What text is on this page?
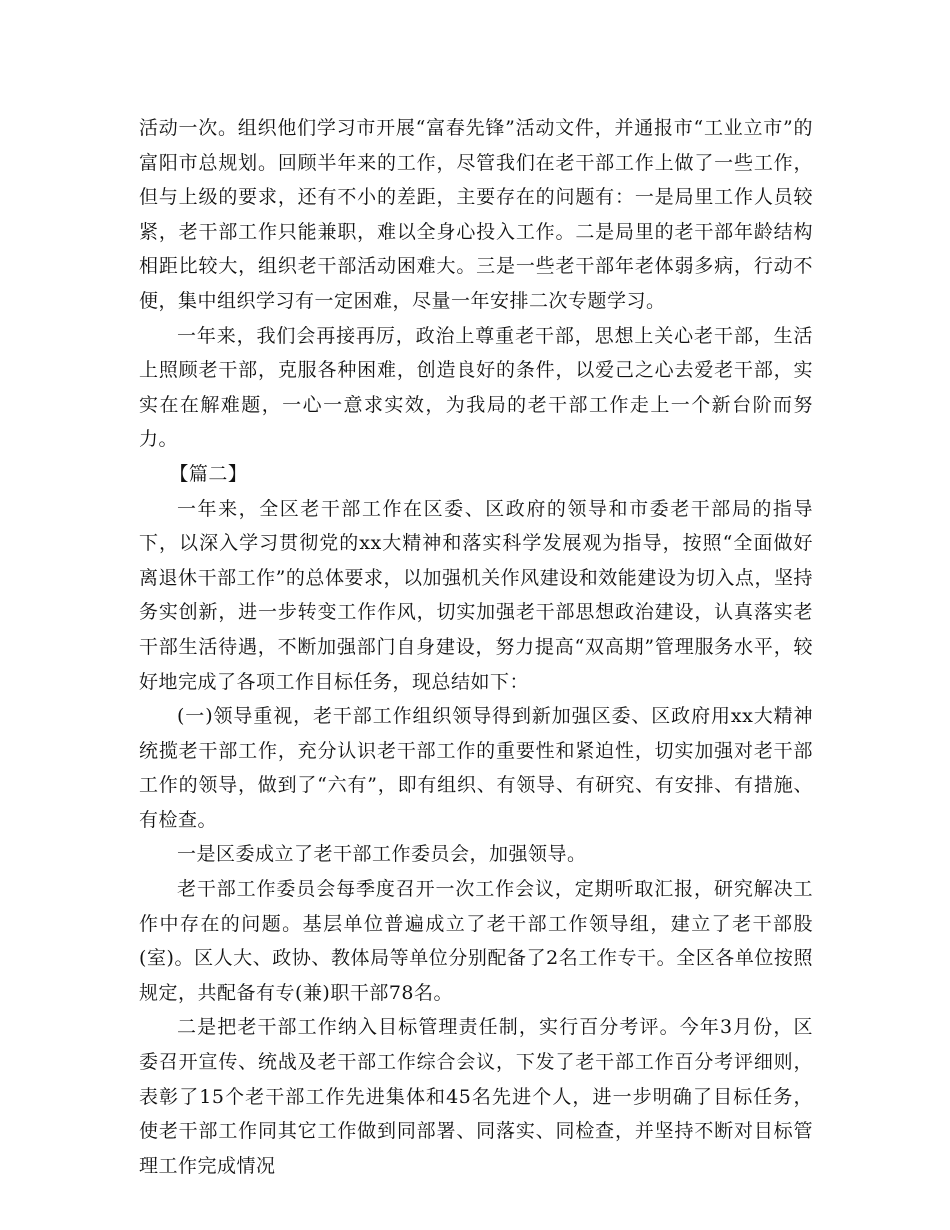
活动一次。组织他们学习市开展“富春先锋”活动文件，并通报市“工业立市”的富阳市总规划。回顾半年来的工作，尽管我们在老干部工作上做了一些工作，但与上级的要求，还有不小的差距，主要存在的问题有：一是局里工作人员较紧，老干部工作只能兼职，难以全身心投入工作。二是局里的老干部年龄结构相距比较大，组织老干部活动困难大。三是一些老干部年老体弱多病，行动不便，集中组织学习有一定困难，尽量一年安排二次专题学习。

一年来，我们会再接再厉，政治上尊重老干部，思想上关心老干部，生活上照顾老干部，克服各种困难，创造良好的条件，以爱己之心去爱老干部，实实在在解难题，一心一意求实效，为我局的老干部工作走上一个新台阶而努力。

【篇二】

一年来，全区老干部工作在区委、区政府的领导和市委老干部局的指导下，以深入学习贯彻党的xx大精神和落实科学发展观为指导，按照“全面做好离退休干部工作”的总体要求，以加强机关作风建设和效能建设为切入点，坚持务实创新，进一步转变工作作风，切实加强老干部思想政治建设，认真落实老干部生活待遇，不断加强部门自身建设，努力提高“双高期”管理服务水平，较好地完成了各项工作目标任务，现总结如下：

(一)领导重视，老干部工作组织领导得到新加强区委、区政府用xx大精神统揽老干部工作，充分认识老干部工作的重要性和紧迫性，切实加强对老干部工作的领导，做到了“六有”，即有组织、有领导、有研究、有安排、有措施、有检查。

一是区委成立了老干部工作委员会，加强领导。

老干部工作委员会每季度召开一次工作会议，定期听取汇报，研究解决工作中存在的问题。基层单位普遍成立了老干部工作领导组，建立了老干部股(室)。区人大、政协、教体局等单位分别配备了2名工作专干。全区各单位按照规定，共配备有专(兼)职干部78名。

二是把老干部工作纳入目标管理责任制，实行百分考评。今年3月份，区委召开宣传、统战及老干部工作综合会议，下发了老干部工作百分考评细则，表彰了15个老干部工作先进集体和45名先进个人，进一步明确了目标任务，使老干部工作同其它工作做到同部署、同落实、同检查，并坚持不断对目标管理工作完成情况
